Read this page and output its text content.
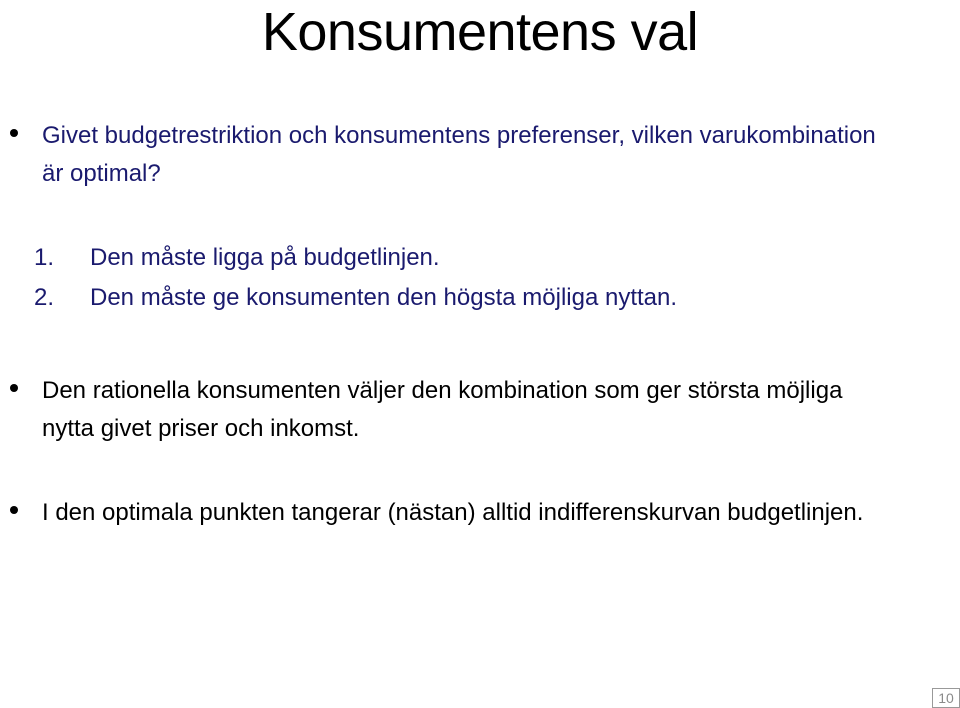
Konsumentens val
Givet budgetrestriktion och konsumentens preferenser, vilken varukombination är optimal?
1. Den måste ligga på budgetlinjen.
2. Den måste ge konsumenten den högsta möjliga nyttan.
Den rationella konsumenten väljer den kombination som ger största möjliga nytta givet priser och inkomst.
I den optimala punkten tangerar (nästan) alltid indifferenskurvan budgetlinjen.
10
